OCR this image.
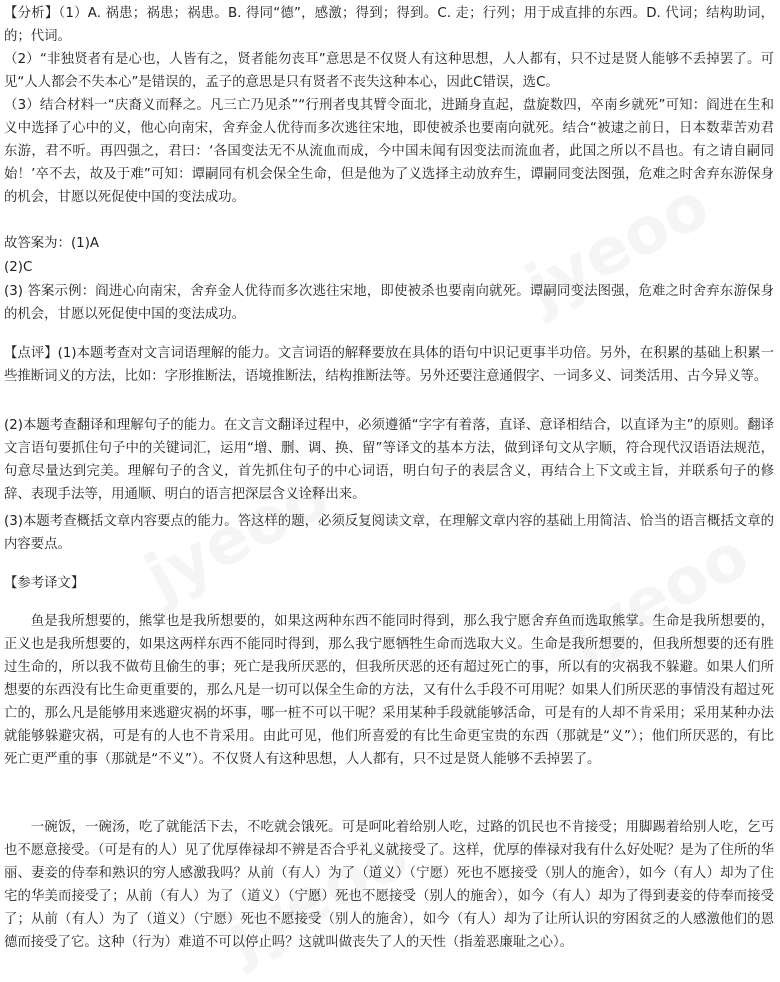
【分析】（1）A. 祸患；祸患；祸患。B. 得同“德”，感激；得到；得到。C. 走；行列；用于成直排的东西。D. 代词；结构助词，的；代词。

（2）“非独贤者有是心也，人皆有之，贤者能勿丧耳”意思是不仅贤人有这种思想，人人都有，只不过是贤人能够不丢掉罢了。可见“人人都会不失本心”是错误的，孟子的意思是只有贤者不丧失这种本心，因此C错误，选C。

（3）结合材料一“庆裔义而释之。凡三亡乃见杀”“行刑者曳其臂令面北，进踊身直起，盘旋数四，卒南乡就死”可知：阎进在生和义中选择了心中的义，他心向南宋，舍弃金人优待而多次逃往宋地，即使被杀也要南向就死。结合“被逮之前日，日本数辈苦劝君东游，君不听。再四强之，君曰：‘各国变法无不从流血而成，今中国未闻有因变法而流血者，此国之所以不昌也。有之请自嗣同始！’卒不去，故及于难”可知：谭嗣同有机会保全生命，但是他为了义选择主动放弃生，谭嗣同变法图强，危难之时舍弃东游保身的机会，甘愿以死促使中国的变法成功。

故答案为：(1)A

(2)C

(3) 答案示例：阎进心向南宋，舍弃金人优待而多次逃往宋地，即使被杀也要南向就死。谭嗣同变法图强，危难之时舍弃东游保身的机会，甘愿以死促使中国的变法成功。

【点评】(1)本题考查对文言词语理解的能力。文言词语的解释要放在具体的语句中识记更事半功倍。另外，在积累的基础上积累一些推断词义的方法，比如：字形推断法，语境推断法，结构推断法等。另外还要注意通假字、一词多义、词类活用、古今异义等。

(2)本题考查翻译和理解句子的能力。在文言文翻译过程中，必须遵循“字字有着落，直译、意译相结合，以直译为主”的原则。翻译文言语句要抓住句子中的关键词汇，运用“增、删、调、换、留”等译文的基本方法，做到译句文从字顺，符合现代汉语语法规范，句意尽量达到完美。理解句子的含义，首先抓住句子的中心词语，明白句子的表层含义，再结合上下文或主旨，并联系句子的修辞、表现手法等，用通顺、明白的语言把深层含义诠释出来。

(3)本题考查概括文章内容要点的能力。答这样的题，必须反复阅读文章，在理解文章内容的基础上用简洁、恰当的语言概括文章的内容要点。

【参考译文】

鱼是我所想要的，熊掌也是我所想要的，如果这两种东西不能同时得到，那么我宁愿舍弃鱼而选取熊掌。生命是我所想要的，正义也是我所想要的，如果这两样东西不能同时得到，那么我宁愿牺牲生命而选取大义。生命是我所想要的，但我所想要的还有胜过生命的，所以我不做苟且偷生的事；死亡是我所厌恶的，但我所厌恶的还有超过死亡的事，所以有的灾祸我不躲避。如果人们所想要的东西没有比生命更重要的，那么凡是一切可以保全生命的方法，又有什么手段不可用呢？如果人们所厌恶的事情没有超过死亡的，那么凡是能够用来逃避灾祸的坏事，哪一桩不可以干呢？采用某种手段就能够活命，可是有的人却不肯采用；采用某种办法就能够躲避灾祸，可是有的人也不肯采用。由此可见，他们所喜爱的有比生命更宝贵的东西（那就是“义”）；他们所厌恶的，有比死亡更严重的事（那就是“不义”）。不仅贤人有这种思想，人人都有，只不过是贤人能够不丢掉罢了。

一碗饭，一碗汤，吃了就能活下去，不吃就会饿死。可是呵叱着给别人吃，过路的饥民也不肯接受；用脚踢着给别人吃，乞丐也不愿意接受。（可是有的人）见了优厚俸禄却不辨是否合乎礼义就接受了。这样，优厚的俸禄对我有什么好处呢？是为了住所的华丽、妻妾的侍奉和熟识的穷人感激我吗？从前（有人）为了（道义）（宁愿）死也不愿接受（别人的施舍），如今（有人）却为了住宅的华美而接受了；从前（有人）为了（道义）（宁愿）死也不愿接受（别人的施舍），如今（有人）却为了得到妻妾的侍奉而接受了；从前（有人）为了（道义）（宁愿）死也不愿接受（别人的施舍），如今（有人）却为了让所认识的穷困贫乏的人感激他们的恩德而接受了它。这种（行为）难道不可以停止吗？这就叫做丧失了人的天性（指羞恶廉耻之心）。
